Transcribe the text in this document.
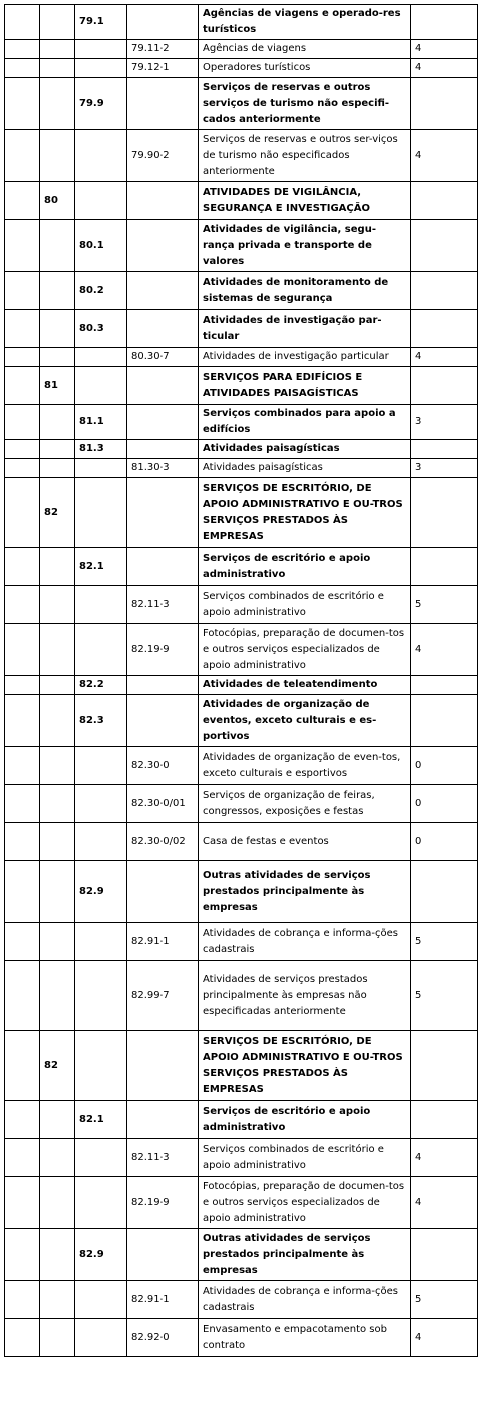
		79.1		Agências de viagens e operado-res turísticos	
			79.11-2	Agências de viagens	4
			79.12-1	Operadores turísticos	4
		79.9		Serviços de reservas e outros serviços de turismo não especifi-cados anteriormente	
			79.90-2	Serviços de reservas e outros ser-viços de turismo não especificados anteriormente	4
	80			ATIVIDADES DE VIGILÂNCIA, SEGURANÇA E INVESTIGAÇÃO	
		80.1		Atividades de vigilância, segu-rança privada e transporte de valores	
		80.2		Atividades de monitoramento de sistemas de segurança	
		80.3		Atividades de investigação par-ticular	
			80.30-7	Atividades de investigação particular	4
	81			SERVIÇOS PARA EDIFÍCIOS E ATIVIDADES PAISAGÍSTICAS	
		81.1		Serviços combinados para apoio a edifícios	3
		81.3		Atividades paisagísticas	
			81.30-3	Atividades paisagísticas	3
	82			SERVIÇOS DE ESCRITÓRIO, DE APOIO ADMINISTRATIVO E OU-TROS SERVIÇOS PRESTADOS ÀS EMPRESAS	
		82.1		Serviços de escritório e apoio administrativo	
			82.11-3	Serviços combinados de escritório e apoio administrativo	5
			82.19-9	Fotocópias, preparação de documen-tos e outros serviços especializados de apoio administrativo	4
		82.2		Atividades de teleatendimento	
		82.3		Atividades de organização de eventos, exceto culturais e es-portivos	
			82.30-0	Atividades de organização de even-tos, exceto culturais e esportivos	0
			82.30-0/01	Serviços de organização de feiras, congressos, exposições e festas	0
			82.30-0/02	Casa de festas e eventos	0
		82.9		Outras atividades de serviços prestados principalmente às empresas	
			82.91-1	Atividades de cobrança e informa-ções cadastrais	5
			82.99-7	Atividades de serviços prestados principalmente às empresas não especificadas anteriormente	5
	82			SERVIÇOS DE ESCRITÓRIO, DE APOIO ADMINISTRATIVO E OU-TROS SERVIÇOS PRESTADOS ÀS EMPRESAS	
		82.1		Serviços de escritório e apoio administrativo	
			82.11-3	Serviços combinados de escritório e apoio administrativo	4
			82.19-9	Fotocópias, preparação de documen-tos e outros serviços especializados de apoio administrativo	4
		82.9		Outras atividades de serviços prestados principalmente às empresas	
			82.91-1	Atividades de cobrança e informa-ções cadastrais	5
			82.92-0	Envasamento e empacotamento sob contrato	4
